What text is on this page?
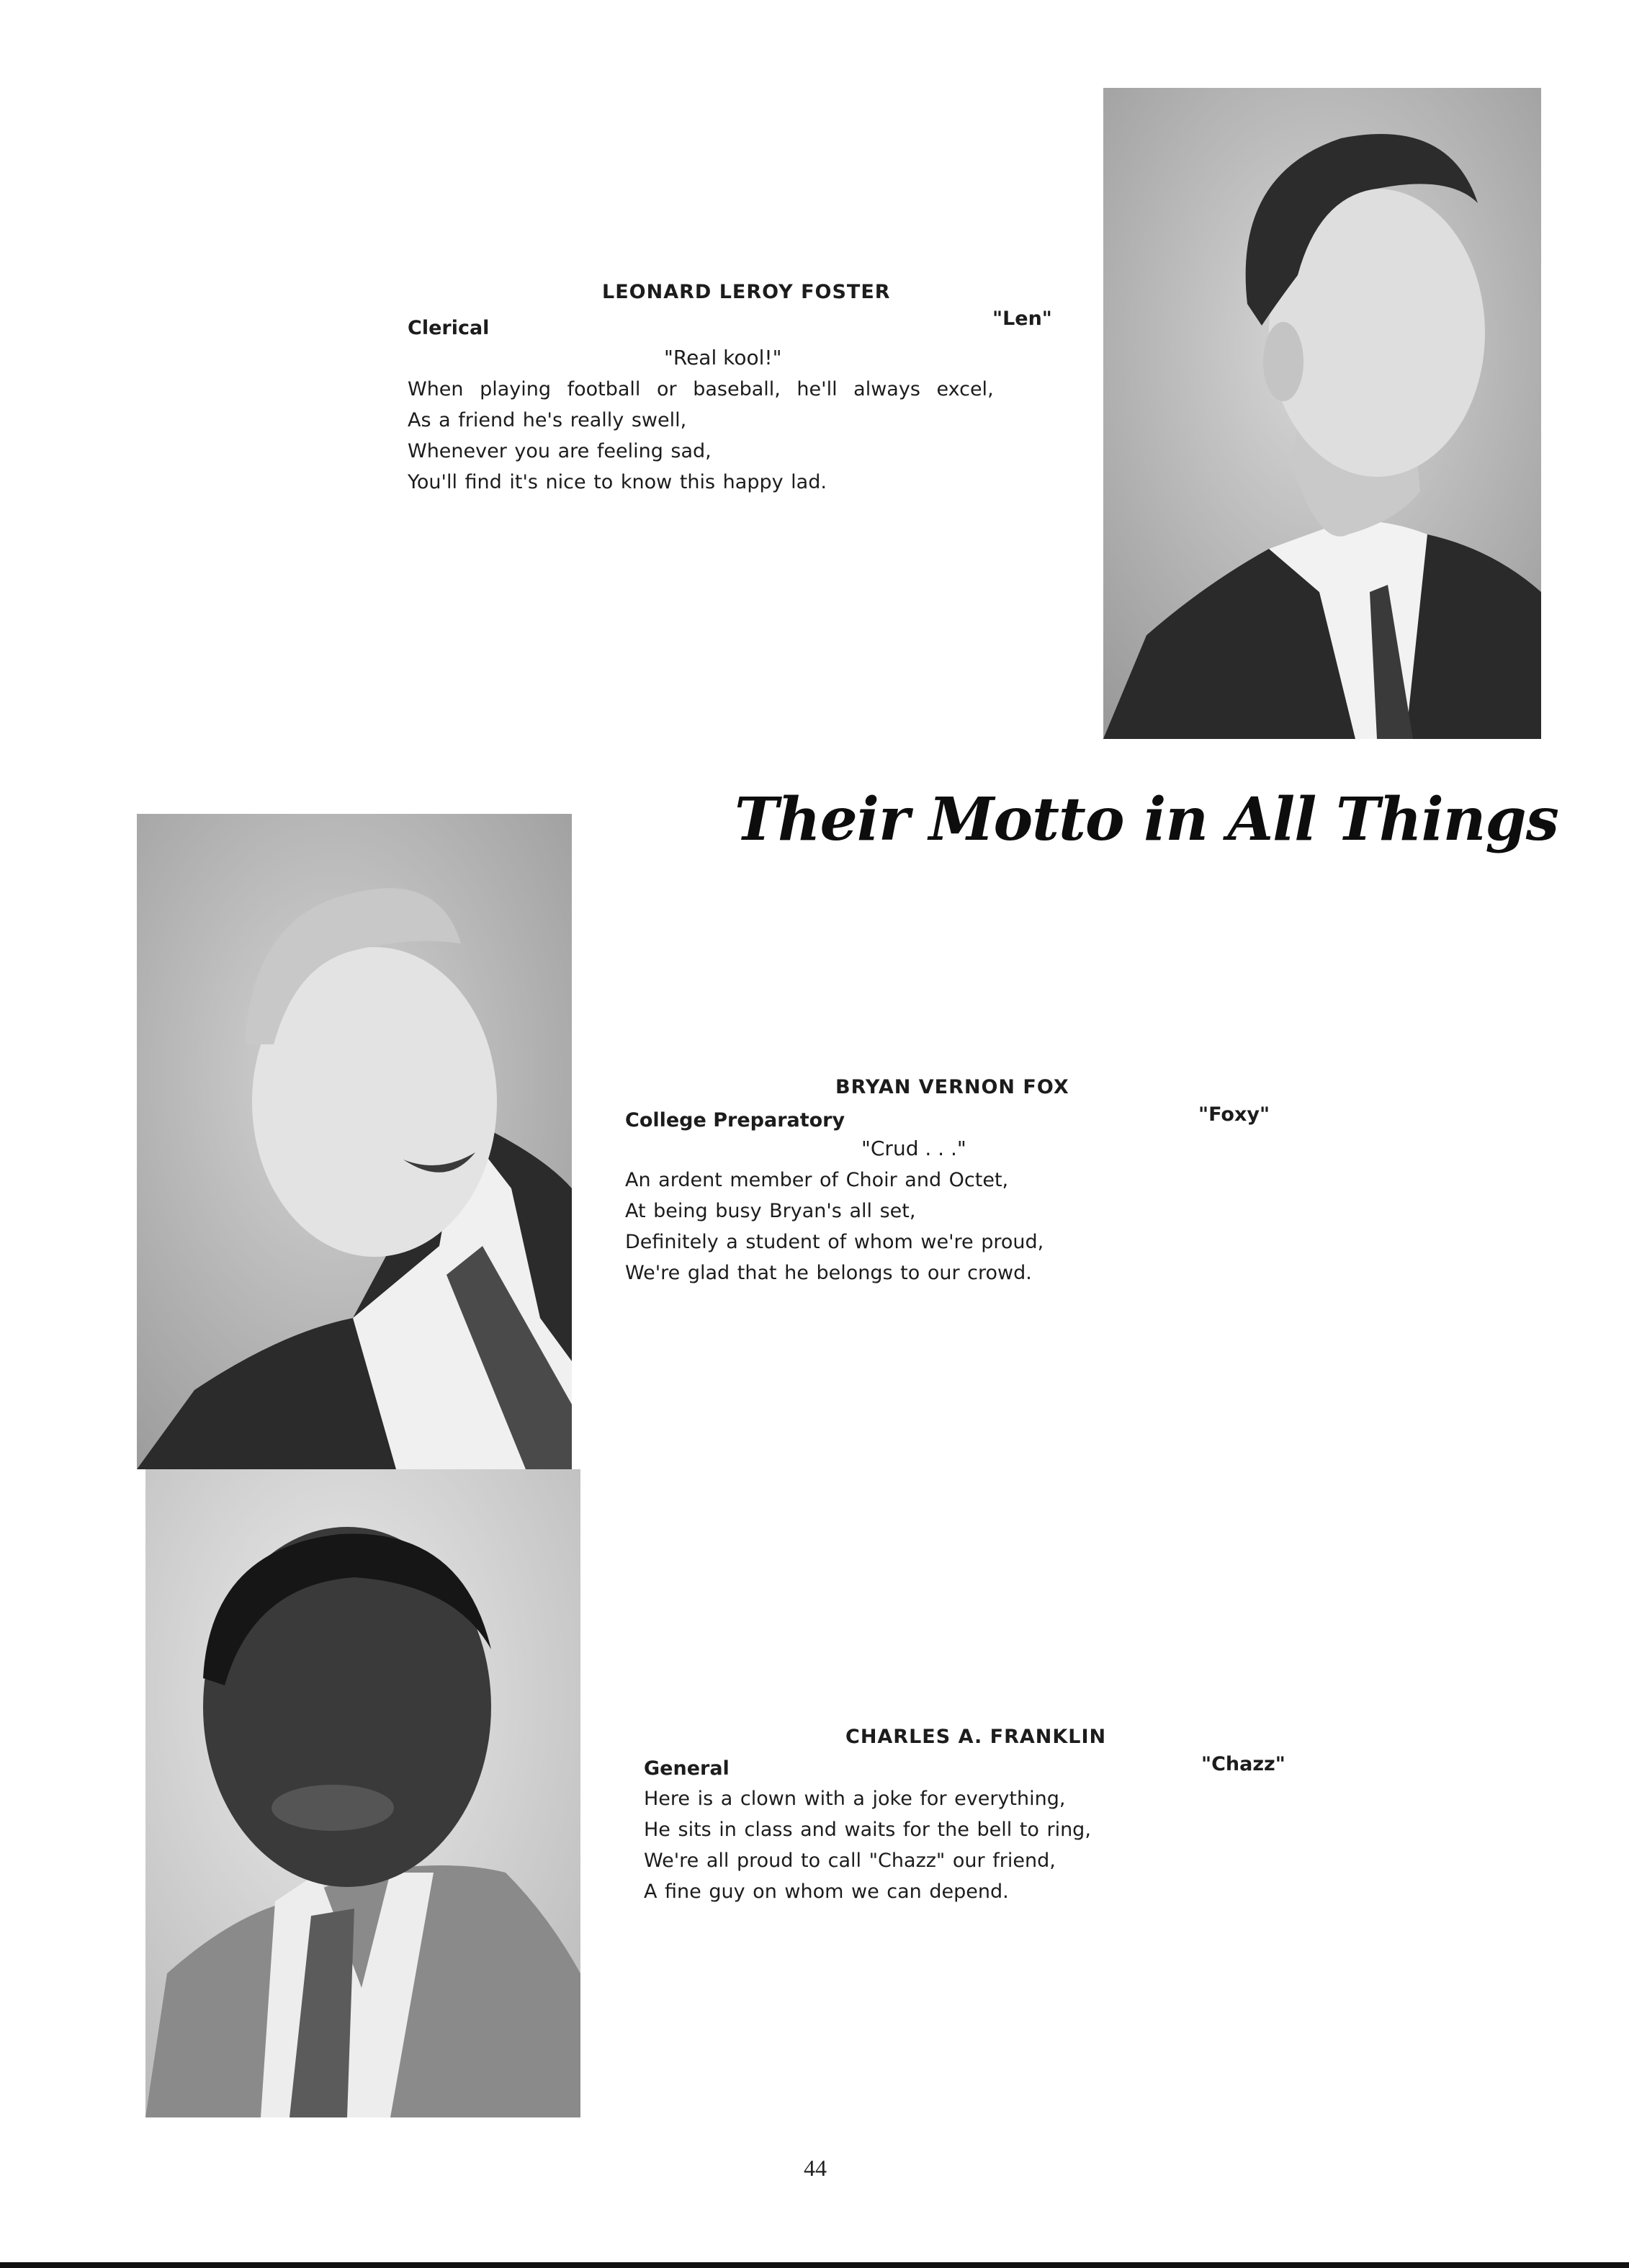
LEONARD LEROY FOSTER
Clerical	"Len"
"Real kool!"
When playing football or baseball, he'll always excel,
As a friend he's really swell,
Whenever you are feeling sad,
You'll find it's nice to know this happy lad.
Their Motto in All Things
BRYAN VERNON FOX
College Preparatory	"Foxy"
"Crud . . ."
An ardent member of Choir and Octet,
At being busy Bryan's all set,
Definitely a student of whom we're proud,
We're glad that he belongs to our crowd.
CHARLES A. FRANKLIN
General	"Chazz"
Here is a clown with a joke for everything,
He sits in class and waits for the bell to ring,
We're all proud to call "Chazz" our friend,
A fine guy on whom we can depend.
44
